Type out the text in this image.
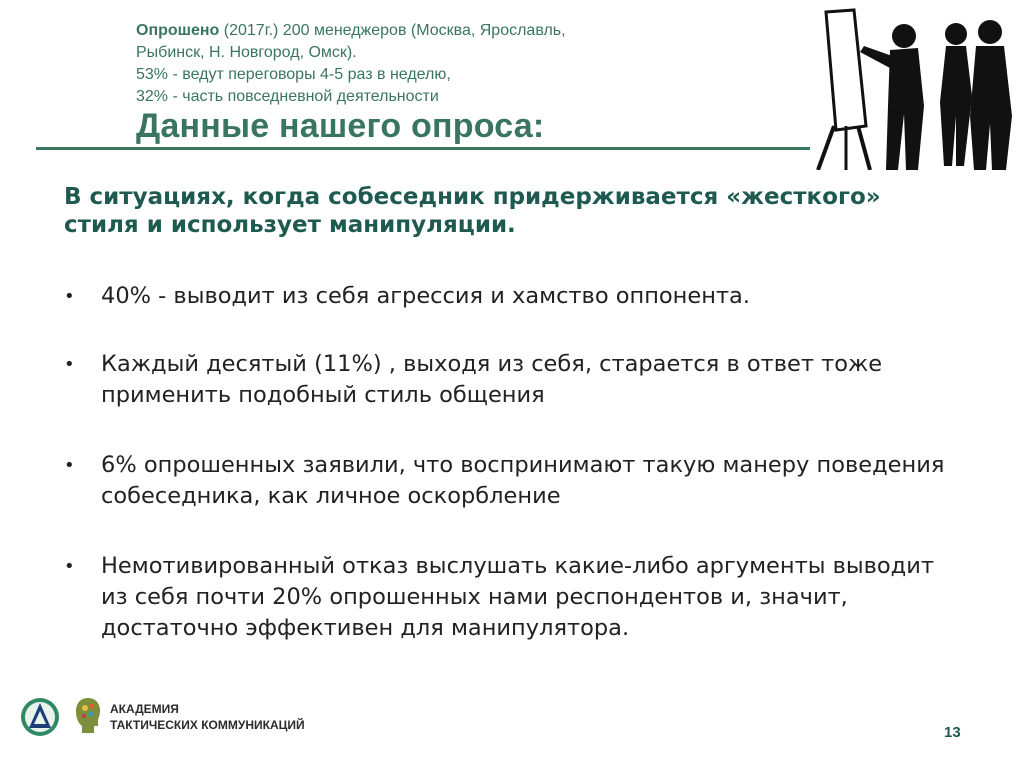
Опрошено (2017г.) 200 менеджеров (Москва, Ярославль,
Рыбинск, Н. Новгород, Омск).
53% - ведут переговоры 4-5 раз в неделю,
32% - часть повседневной деятельности
Данные нашего опроса:

В ситуациях, когда собеседник придерживается «жесткого»
стиля и использует манипуляции.

•	40% - выводит из себя агрессия и хамство оппонента.
•	Каждый десятый (11%) , выходя из себя, старается в ответ тоже применить подобный стиль общения
•	6% опрошенных заявили, что воспринимают такую манеру поведения собеседника, как личное оскорбление
•	Немотивированный отказ выслушать какие-либо аргументы выводит из себя почти 20% опрошенных нами респондентов и, значит, достаточно эффективен для манипулятора.
АКАДЕМИЯ
ТАКТИЧЕСКИХ КОММУНИКАЦИЙ	13
